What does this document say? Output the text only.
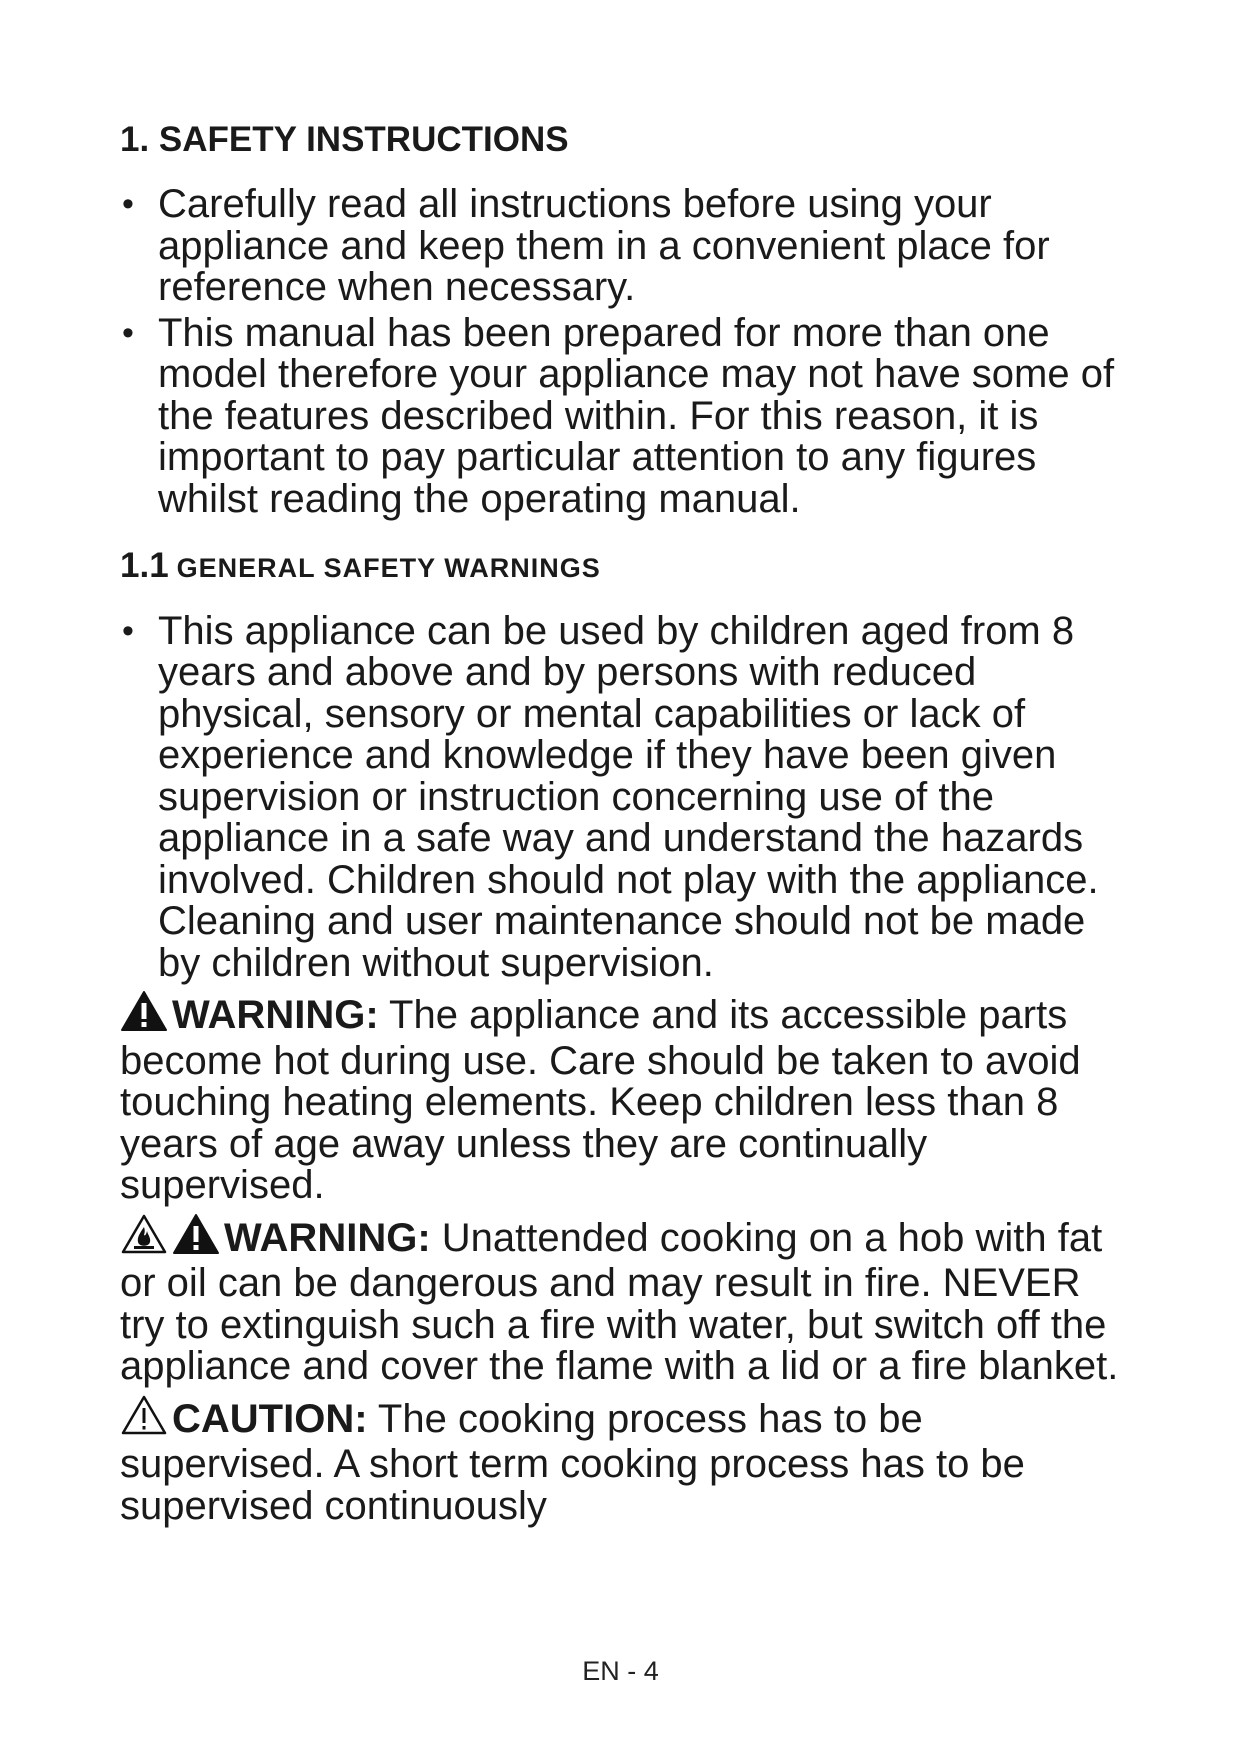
1. SAFETY INSTRUCTIONS
• Carefully read all instructions before using your appliance and keep them in a convenient place for reference when necessary.
• This manual has been prepared for more than one model therefore your appliance may not have some of the features described within. For this reason, it is important to pay particular attention to any figures whilst reading the operating manual.
1.1 GENERAL SAFETY WARNINGS
• This appliance can be used by children aged from 8 years and above and by persons with reduced physical, sensory or mental capabilities or lack of experience and knowledge if they have been given supervision or instruction concerning use of the appliance in a safe way and understand the hazards involved. Children should not play with the appliance. Cleaning and user maintenance should not be made by children without supervision.
WARNING: The appliance and its accessible parts become hot during use. Care should be taken to avoid touching heating elements. Keep children less than 8 years of age away unless they are continually supervised.
WARNING: Unattended cooking on a hob with fat or oil can be dangerous and may result in fire. NEVER try to extinguish such a fire with water, but switch off the appliance and cover the flame with a lid or a fire blanket.
CAUTION: The cooking process has to be supervised. A short term cooking process has to be supervised continuously
EN - 4
